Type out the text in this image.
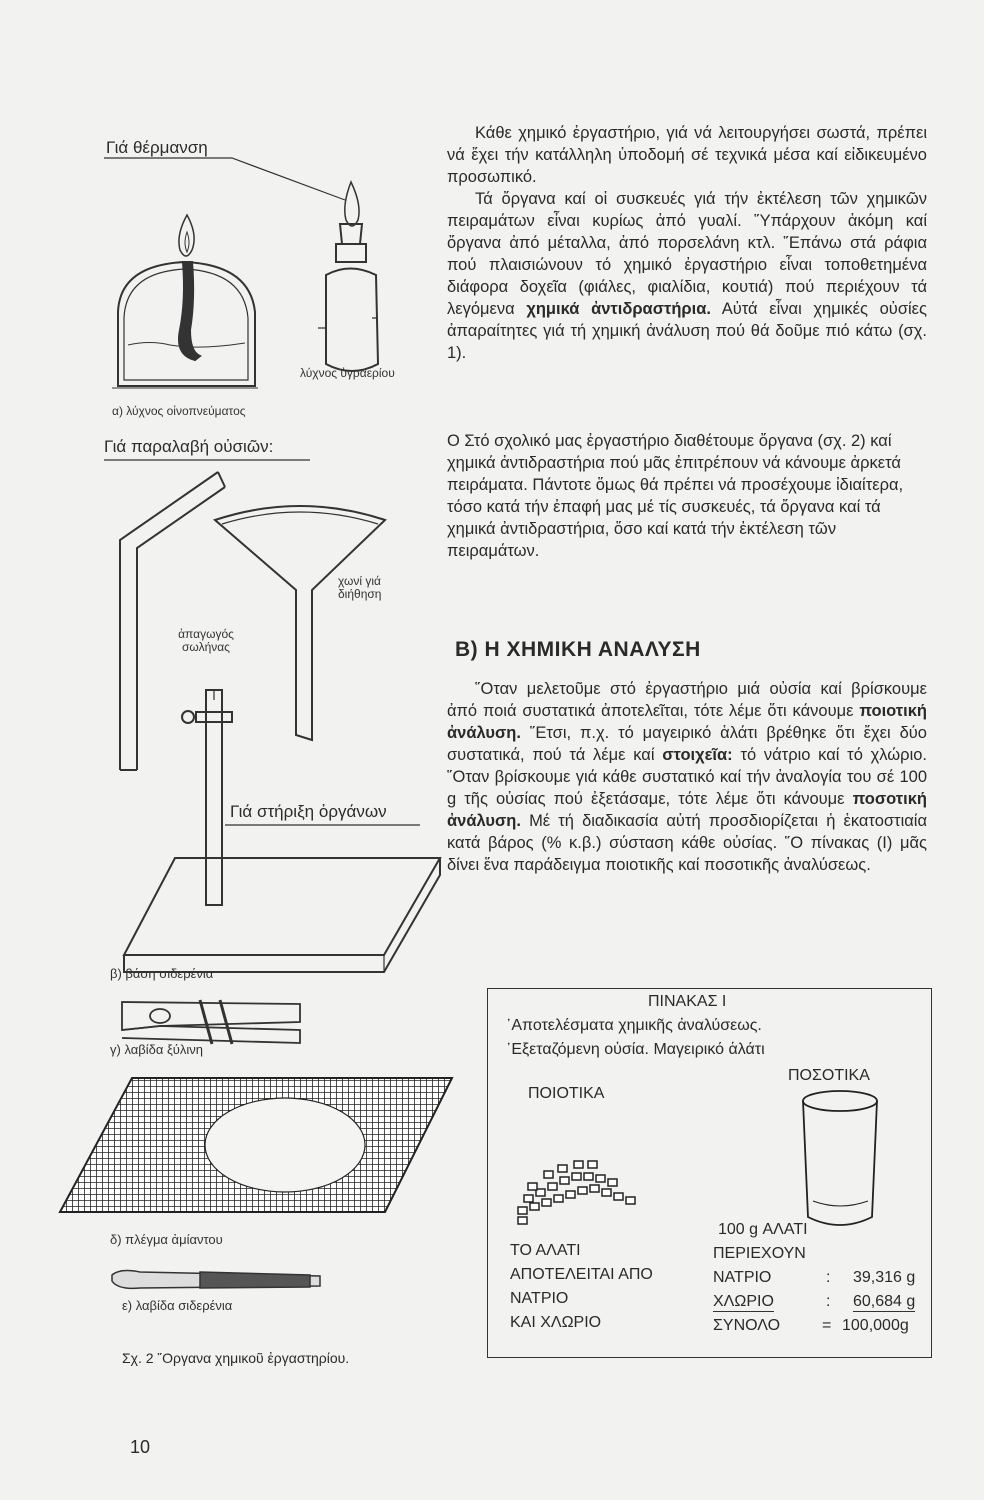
Γιά θέρμανση
λύχνος ὑγραερίου
α) λύχνος οἰνοπνεύματος
Γιά παραλαβή οὐσιῶν:
χωνί γιά διήθηση
ἀπαγωγός σωλήνας
Γιά στήριξη ὀργάνων
β) βάση σιδερένια
γ) λαβίδα ξύλινη
δ) πλέγμα ἀμίαντου
ε) λαβίδα σιδερένια
Σχ. 2 ῞Οργανα χημικοῦ ἐργαστηρίου.

Κάθε χημικό ἐργαστήριο, γιά νά λειτουργήσει σωστά, πρέπει νά ἔχει τήν κατάλληλη ὑποδομή σέ τεχνικά μέσα καί εἰδικευμένο προσωπικό.

Τά ὄργανα καί οἱ συσκευές γιά τήν ἐκτέλεση τῶν χημικῶν πειραμάτων εἶναι κυρίως ἀπό γυαλί. ῞Υπάρχουν ἀκόμη καί ὄργανα ἀπό μέταλλα, ἀπό πορσελάνη κτλ. ῞Επάνω στά ράφια πού πλαισιώνουν τό χημικό ἐργαστήριο εἶναι τοποθετημένα διάφορα δοχεῖα (φιάλες, φιαλίδια, κουτιά) πού περιέχουν τά λεγόμενα χημικά ἀντιδραστήρια. Αὐτά εἶναι χημικές οὐσίες ἀπαραίτητες γιά τή χημική ἀνάλυση πού θά δοῦμε πιό κάτω (σχ. 1).

Ο Στό σχολικό μας ἐργαστήριο διαθέτουμε ὄργανα (σχ. 2) καί χημικά ἀντιδραστήρια πού μᾶς ἐπιτρέπουν νά κάνουμε ἀρκετά πειράματα. Πάντοτε ὅμως θά πρέπει νά προσέχουμε ἰδιαίτερα, τόσο κατά τήν ἐπαφή μας μέ τίς συσκευές, τά ὄργανα καί τά χημικά ἀντιδραστήρια, ὅσο καί κατά τήν ἐκτέλεση τῶν πειραμάτων.
Β) Η ΧΗΜΙΚΗ ΑΝΑΛΥΣΗ

῞Οταν μελετοῦμε στό ἐργαστήριο μιά οὐσία καί βρίσκουμε ἀπό ποιά συστατικά ἀποτελεῖται, τότε λέμε ὅτι κάνουμε ποιοτική ἀνάλυση. ῞Ετσι, π.χ. τό μαγειρικό ἁλάτι βρέθηκε ὅτι ἔχει δύο συστατικά, πού τά λέμε καί στοιχεῖα: τό νάτριο καί τό χλώριο. ῞Οταν βρίσκουμε γιά κάθε συστατικό καί τήν ἀναλογία του σέ 100 g τῆς οὐσίας πού ἐξετάσαμε, τότε λέμε ὅτι κάνουμε ποσοτική ἀνάλυση. Μέ τή διαδικασία αὐτή προσδιορίζεται ἡ ἑκατοστιαία κατά βάρος (% κ.β.) σύσταση κάθε οὐσίας. ῞Ο πίνακας (Ι) μᾶς δίνει ἕνα παράδειγμα ποιοτικῆς καί ποσοτικῆς ἀναλύσεως.

ΠΙΝΑΚΑΣ Ι
᾿Αποτελέσματα χημικῆς ἀναλύσεως.
᾿Εξεταζόμενη οὐσία. Μαγειρικό ἁλάτι
ΠΟΣΟΤΙΚΑ
ΠΟΙΟΤΙΚΑ
ΤΟ ΑΛΑΤΙ
ΑΠΟΤΕΛΕΙΤΑΙ ΑΠΟ
ΝΑΤΡΙΟ
ΚΑΙ ΧΛΩΡΙΟ
100 g ΑΛΑΤΙ
ΠΕΡΙΕΧΟΥΝ
ΝΑΤΡΙΟ	: 39,316 g
ΧΛΩΡΙΟ	: 60,684 g
ΣΥΝΟΛΟ	= 100,000g
10
